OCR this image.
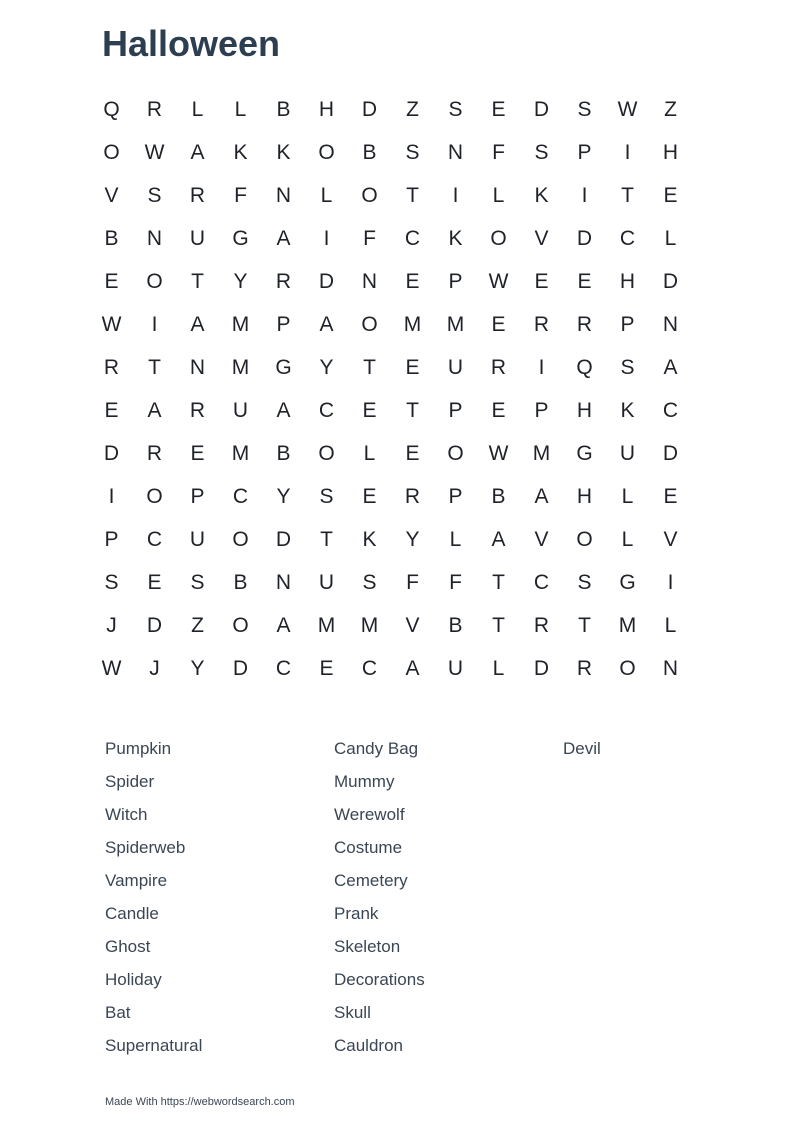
Halloween
Q	R	L	L	B	H	D	Z	S	E	D	S	W	Z
O	W	A	K	K	O	B	S	N	F	S	P	I	H
V	S	R	F	N	L	O	T	I	L	K	I	T	E
B	N	U	G	A	I	F	C	K	O	V	D	C	L
E	O	T	Y	R	D	N	E	P	W	E	E	H	D
W	I	A	M	P	A	O	M	M	E	R	R	P	N
R	T	N	M	G	Y	T	E	U	R	I	Q	S	A
E	A	R	U	A	C	E	T	P	E	P	H	K	C
D	R	E	M	B	O	L	E	O	W	M	G	U	D
I	O	P	C	Y	S	E	R	P	B	A	H	L	E
P	C	U	O	D	T	K	Y	L	A	V	O	L	V
S	E	S	B	N	U	S	F	F	T	C	S	G	I
J	D	Z	O	A	M	M	V	B	T	R	T	M	L
W	J	Y	D	C	E	C	A	U	L	D	R	O	N
Pumpkin
Spider
Witch
Spiderweb
Vampire
Candle
Ghost
Holiday
Bat
Supernatural
Candy Bag
Mummy
Werewolf
Costume
Cemetery
Prank
Skeleton
Decorations
Skull
Cauldron
Devil
Made With https://webwordsearch.com
